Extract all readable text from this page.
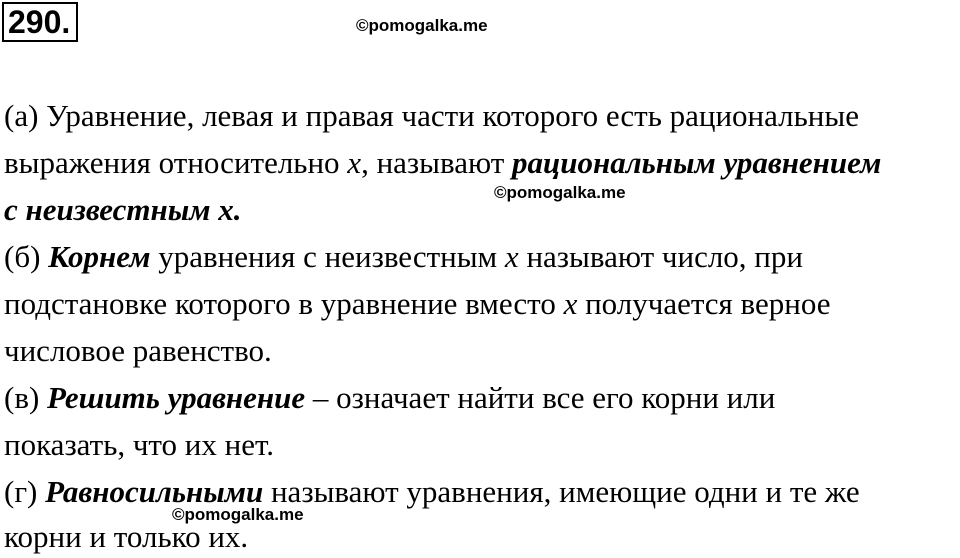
290.	©pomogalka.me
©pomogalka.me
©pomogalka.me
(а) Уравнение, левая и правая части которого есть рациональные
выражения относительно x, называют рациональным уравнением
с неизвестным x.
(б) Корнем уравнения с неизвестным x называют число, при
подстановке которого в уравнение вместо x получается верное
числовое равенство.
(в) Решить уравнение – означает найти все его корни или
показать, что их нет.
(г) Равносильными называют уравнения, имеющие одни и те же
корни и только их.
